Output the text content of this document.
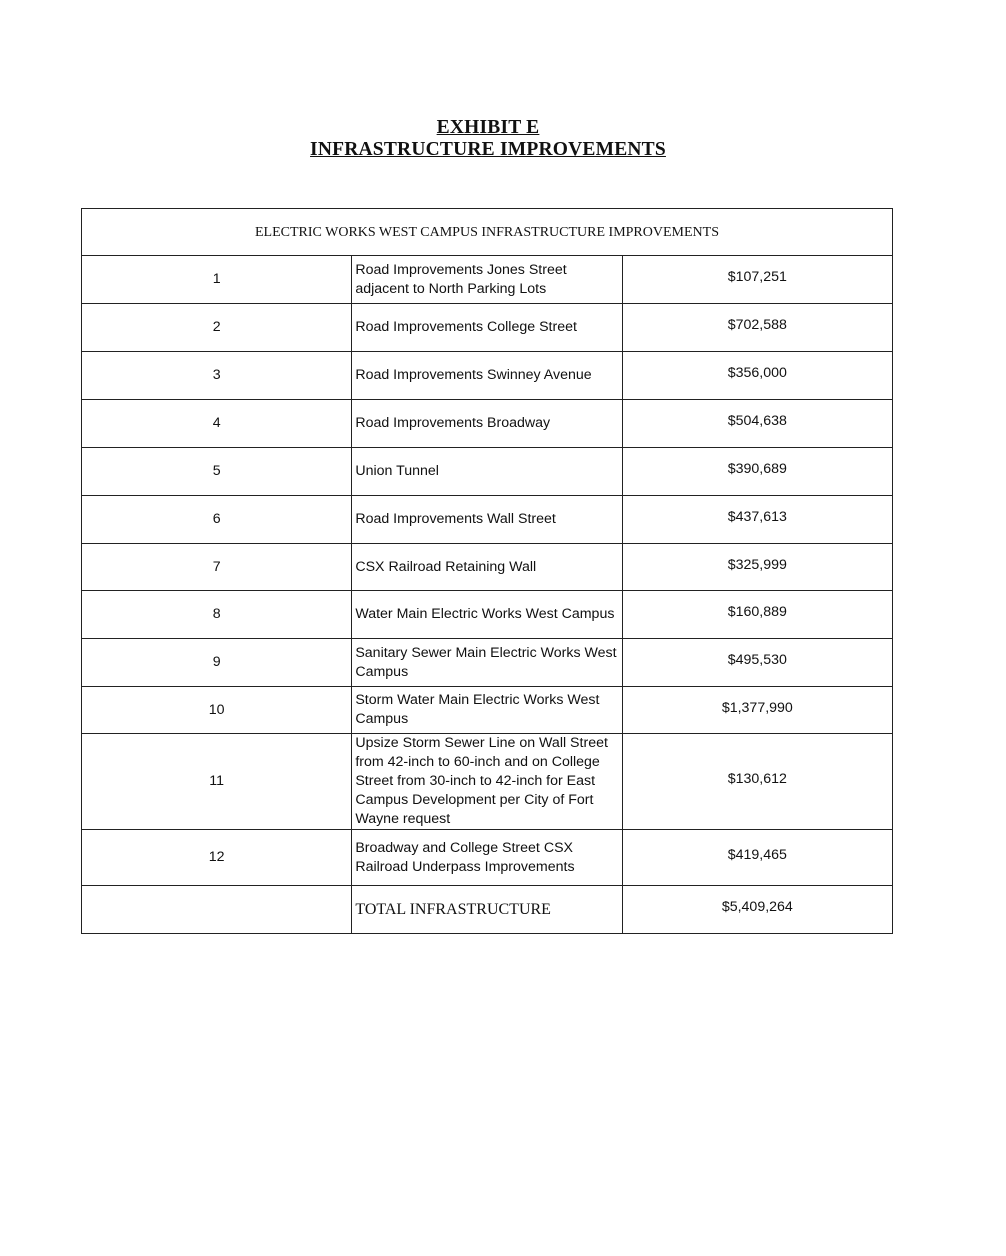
EXHIBIT E
INFRASTRUCTURE IMPROVEMENTS
ELECTRIC WORKS WEST CAMPUS INFRASTRUCTURE IMPROVEMENTS		
1	Road Improvements Jones Street adjacent to North Parking Lots	$107,251
2	Road Improvements College Street	$702,588
3	Road Improvements Swinney Avenue	$356,000
4	Road Improvements Broadway	$504,638
5	Union Tunnel	$390,689
6	Road Improvements Wall Street	$437,613
7	CSX Railroad Retaining Wall	$325,999
8	Water Main Electric Works West Campus	$160,889
9	Sanitary Sewer Main Electric Works West Campus	$495,530
10	Storm Water Main Electric Works West Campus	$1,377,990
11	Upsize Storm Sewer Line on Wall Street from 42-inch to 60-inch and on College Street from 30-inch to 42-inch for East Campus Development per City of Fort Wayne request	$130,612
12	Broadway and College Street CSX Railroad Underpass Improvements	$419,465
	TOTAL INFRASTRUCTURE	$5,409,264
